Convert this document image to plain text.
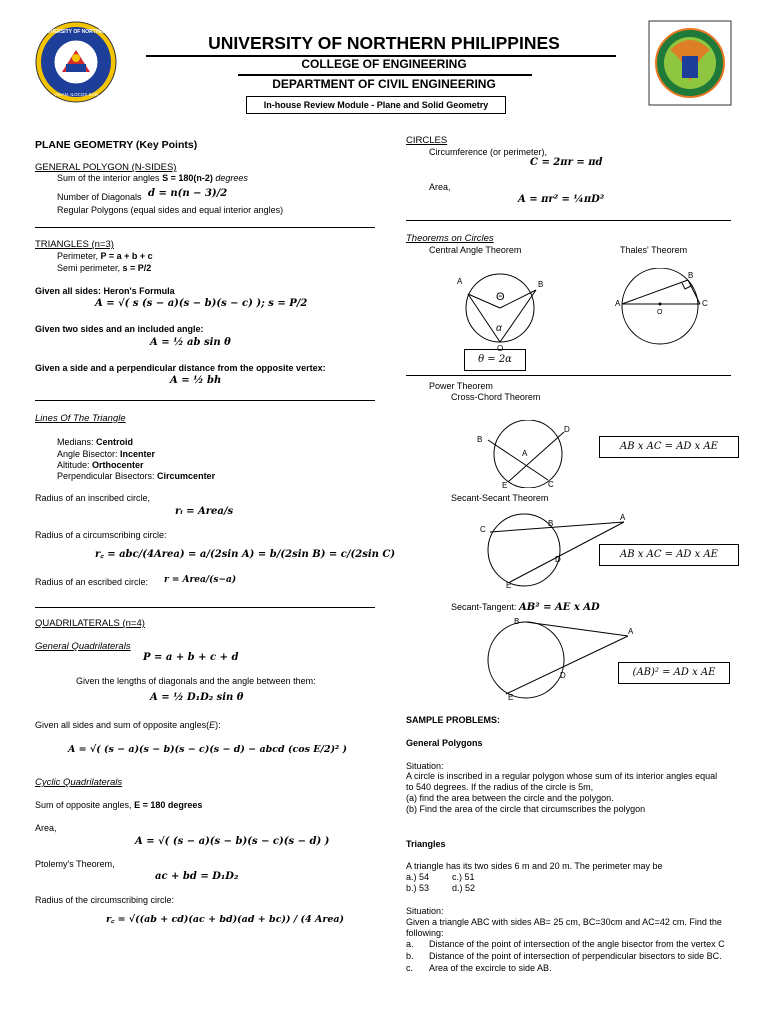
UNIVERSITY OF NORTHERN
VIGAN, ILOCOS SUR
UNIVERSITY OF NORTHERN PHILIPPINES
COLLEGE OF ENGINEERING
DEPARTMENT OF CIVIL ENGINEERING
In-house Review Module - Plane and Solid Geometry
PLANE GEOMETRY (Key Points)
GENERAL POLYGON (N-SIDES)
Sum of the interior angles S = 180(n-2) degrees
Number of Diagonals d = n(n − 3)/2
Regular Polygons (equal sides and equal interior angles)
TRIANGLES (n=3)
Perimeter, P = a + b + c
Semi perimeter, s = P/2
Given all sides: Heron's Formula
A = √( s (s − a)(s − b)(s − c) ); s = P/2
Given two sides and an included angle:
A = ½ ab sin θ
Given a side and a perpendicular distance from the opposite vertex:
A = ½ bh
Lines Of The Triangle
Medians: Centroid
Angle Bisector: Incenter
Altitude: Orthocenter
Perpendicular Bisectors: Circumcenter
Radius of an inscribed circle,
rᵢ = Area/s
Radius of a circumscribing circle:
r꜀ = abc/(4Area) = a/(2sin A) = b/(2sin B) = c/(2sin C)
Radius of an escribed circle: r = Area/(s−a)
QUADRILATERALS (n=4)
General Quadrilaterals
P = a + b + c + d
Given the lengths of diagonals and the angle between them:
A = ½ D₁D₂ sin θ
Given all sides and sum of opposite angles(E):
A = √( (s − a)(s − b)(s − c)(s − d) − abcd (cos E/2)² )
Cyclic Quadrilaterals
Sum of opposite angles, E = 180 degrees
Area,
A = √( (s − a)(s − b)(s − c)(s − d) )
Ptolemy's Theorem,
ac + bd = D₁D₂
Radius of the circumscribing circle:
r꜀ = √((ab + cd)(ac + bd)(ad + bc)) / (4 Area)
CIRCLES
Circumference (or perimeter),
C = 2πr = πd
Area,
A = πr² = ¼πD²
Theorems on Circles
Central Angle Theorem	Thales' Theorem
A	B
Θ
α
O
θ = 2α
A
B
C
O
Power Theorem
Cross-Chord Theorem
B
D
A
C
E
AB x AC = AD x AE
Secant-Secant Theorem
C
B
A
D
E
AB x AC = AD x AE
Secant-Tangent: AB² = AE x AD
B
A
D
E
(AB)² = AD x AE
SAMPLE PROBLEMS:
General Polygons
Situation:
A circle is inscribed in a regular polygon whose sum of its interior angles equal
to 540 degrees. If the radius of the circle is 5m,
(a) find the area between the circle and the polygon.
(b) Find the area of the circle that circumscribes the polygon
Triangles
A triangle has its two sides 6 m and 20 m. The perimeter may be
a.) 54	c.) 51
b.) 53	d.) 52
Situation:
Given a triangle ABC with sides AB= 25 cm, BC=30cm and AC=42 cm. Find the
following:
a. Distance of the point of intersection of the angle bisector from the vertex C
b. Distance of the point of intersection of perpendicular bisectors to side BC.
c. Area of the excircle to side AB.
